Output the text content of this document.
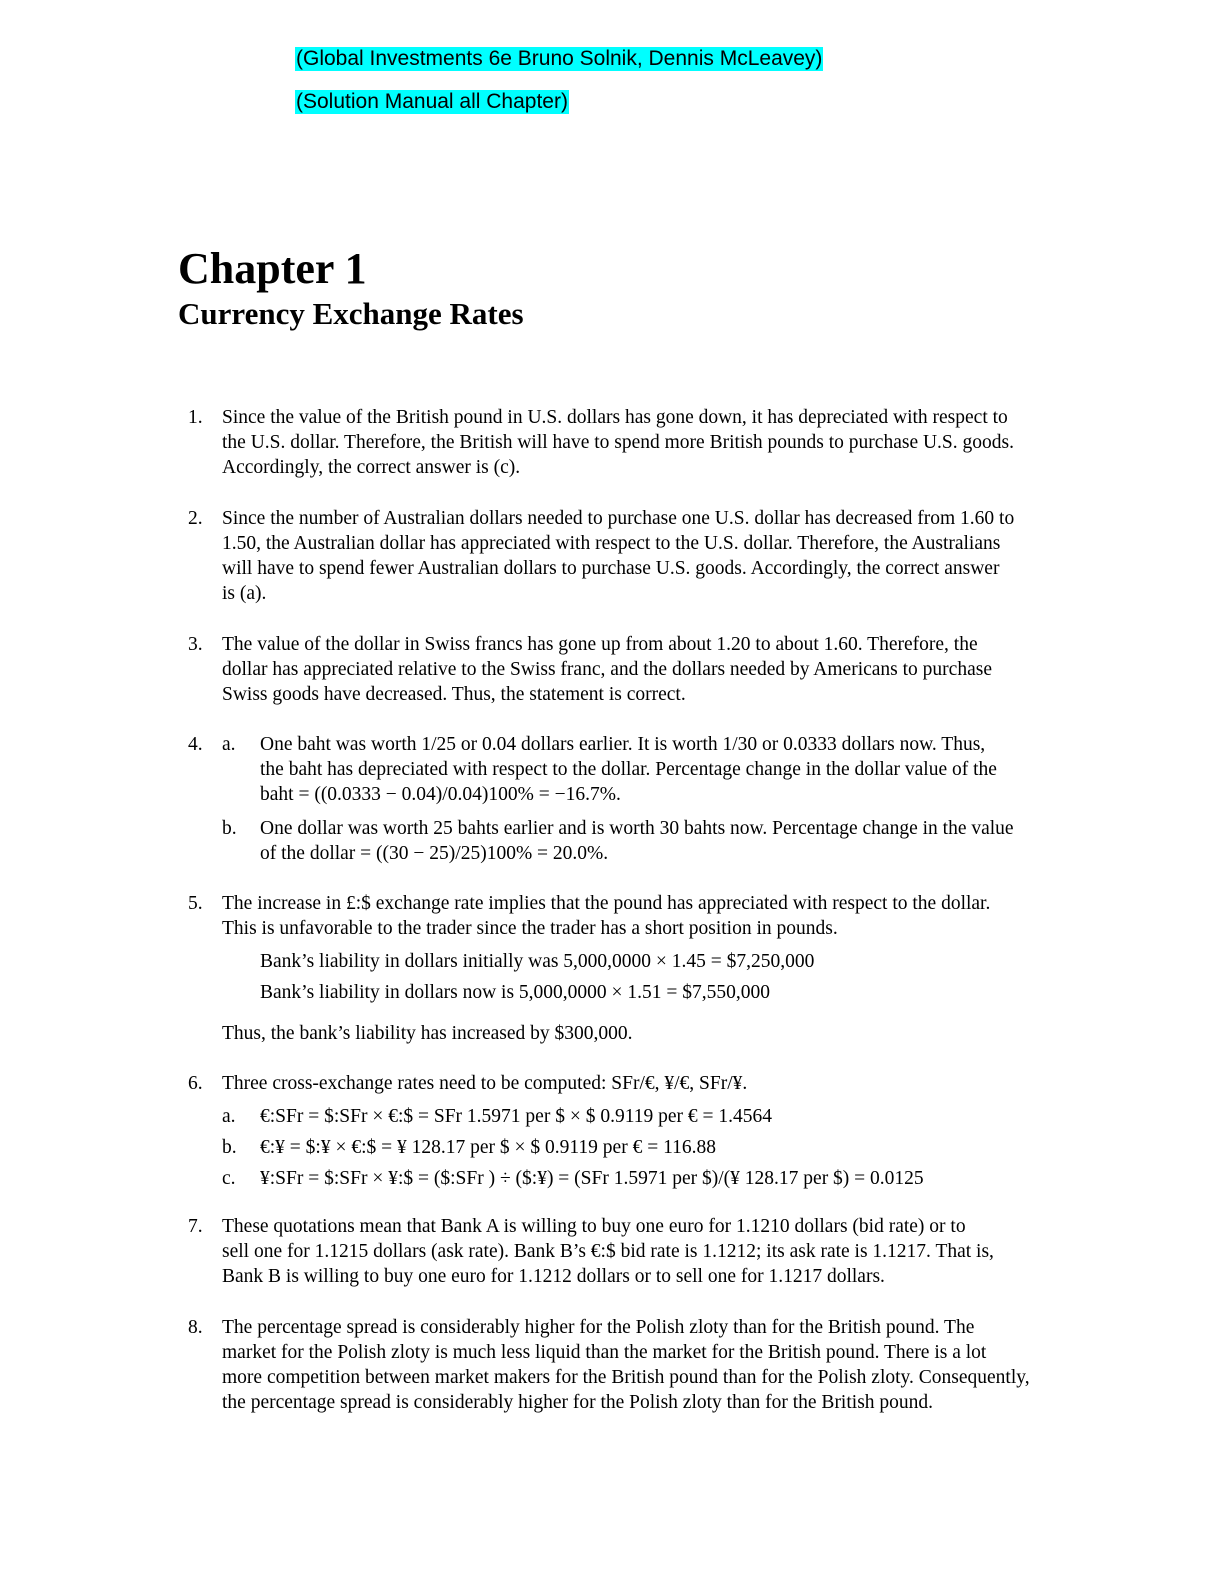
(Global Investments 6e Bruno Solnik, Dennis McLeavey)
(Solution Manual all Chapter)
Chapter 1
Currency Exchange Rates
1. Since the value of the British pound in U.S. dollars has gone down, it has depreciated with respect to
the U.S. dollar. Therefore, the British will have to spend more British pounds to purchase U.S. goods.
Accordingly, the correct answer is (c).
2. Since the number of Australian dollars needed to purchase one U.S. dollar has decreased from 1.60 to
1.50, the Australian dollar has appreciated with respect to the U.S. dollar. Therefore, the Australians
will have to spend fewer Australian dollars to purchase U.S. goods. Accordingly, the correct answer
is (a).
3. The value of the dollar in Swiss francs has gone up from about 1.20 to about 1.60. Therefore, the
dollar has appreciated relative to the Swiss franc, and the dollars needed by Americans to purchase
Swiss goods have decreased. Thus, the statement is correct.
4. a.	One baht was worth 1/25 or 0.04 dollars earlier. It is worth 1/30 or 0.0333 dollars now. Thus,
the baht has depreciated with respect to the dollar. Percentage change in the dollar value of the
baht = ((0.0333 − 0.04)/0.04)100% = −16.7%.
b.	One dollar was worth 25 bahts earlier and is worth 30 bahts now. Percentage change in the value
of the dollar = ((30 − 25)/25)100% = 20.0%.
5. The increase in £:$ exchange rate implies that the pound has appreciated with respect to the dollar.
This is unfavorable to the trader since the trader has a short position in pounds.
Bank’s liability in dollars initially was 5,000,0000 × 1.45 = $7,250,000
Bank’s liability in dollars now is 5,000,0000 × 1.51 = $7,550,000
Thus, the bank’s liability has increased by $300,000.
6. Three cross-exchange rates need to be computed: SFr/€, ¥/€, SFr/¥.
a.	€:SFr = $:SFr × €:$ = SFr 1.5971 per $ × $ 0.9119 per € = 1.4564
b.	€:¥ = $:¥ × €:$ = ¥ 128.17 per $ × $ 0.9119 per € = 116.88
c.	¥:SFr = $:SFr × ¥:$ = ($:SFr ) ÷ ($:¥) = (SFr 1.5971 per $)/(¥ 128.17 per $) = 0.0125
7. These quotations mean that Bank A is willing to buy one euro for 1.1210 dollars (bid rate) or to
sell one for 1.1215 dollars (ask rate). Bank B’s €:$ bid rate is 1.1212; its ask rate is 1.1217. That is,
Bank B is willing to buy one euro for 1.1212 dollars or to sell one for 1.1217 dollars.
8. The percentage spread is considerably higher for the Polish zloty than for the British pound. The
market for the Polish zloty is much less liquid than the market for the British pound. There is a lot
more competition between market makers for the British pound than for the Polish zloty. Consequently,
the percentage spread is considerably higher for the Polish zloty than for the British pound.
